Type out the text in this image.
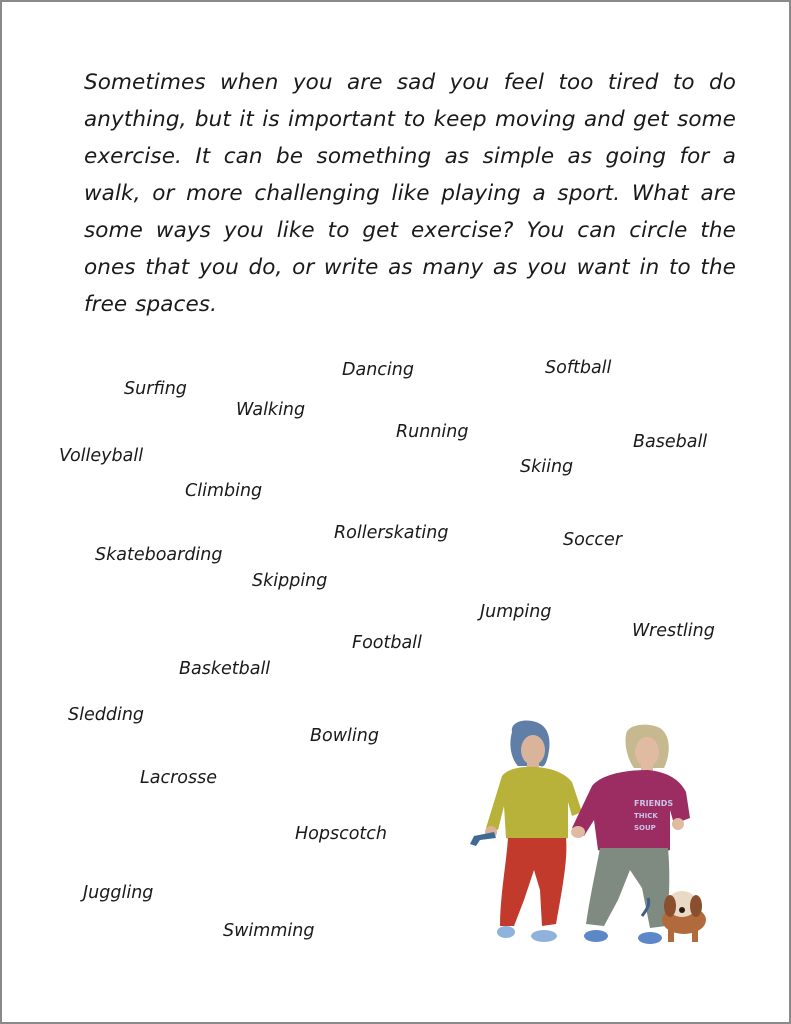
Sometimes when you are sad you feel too tired to do anything, but it is important to keep moving and get some exercise. It can be something as simple as going for a walk, or more challenging like playing a sport. What are some ways you like to get exercise? You can circle the ones that you do, or write as many as you want in to the free spaces.

Surfing
Dancing	Softball
Walking
Running	Baseball
Volleyball
Skiing
Climbing
Rollerskating	Soccer
Skateboarding
Skipping
Jumping
Wrestling
Football
Basketball
Sledding
Bowling
Lacrosse
Hopscotch
Juggling
Swimming
FRIENDS
THICK
SOUP
